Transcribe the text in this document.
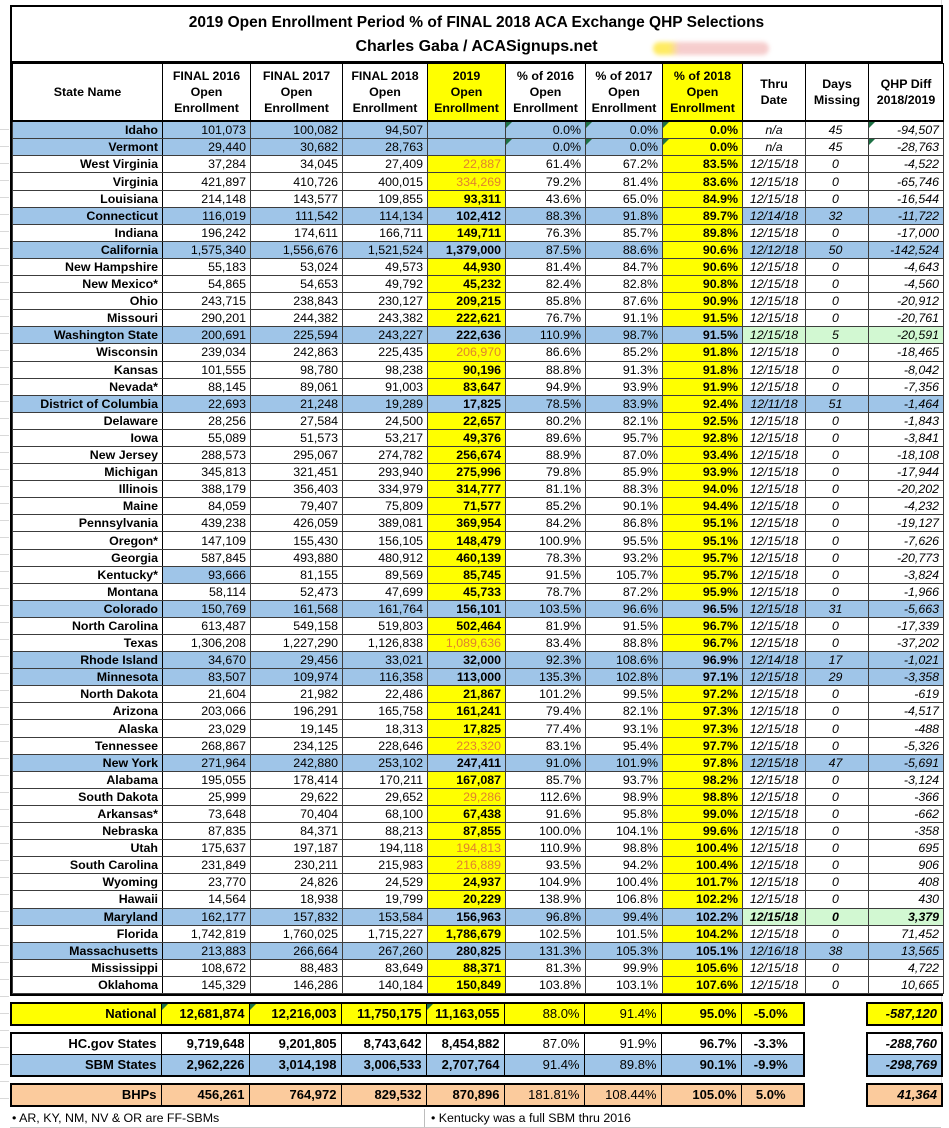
2019 Open Enrollment Period % of FINAL 2018 ACA Exchange QHP Selections
Charles Gaba / ACASignups.net
State Name

FINAL 2016
Open
Enrollment

FINAL 2017
Open
Enrollment

FINAL 2018
Open
Enrollment

2019
Open
Enrollment

% of 2016
Open
Enrollment

% of 2017
Open
Enrollment

% of 2018
Open
Enrollment

Thru
Date

Days
Missing

QHP Diff
2018/2019

Idaho	101,073	100,082	94,507		0.0%	0.0%	0.0%	n/a	45	-94,507
Vermont	29,440	30,682	28,763		0.0%	0.0%	0.0%	n/a	45	-28,763
West Virginia	37,284	34,045	27,409	22,887	61.4%	67.2%	83.5%	12/15/18	0	-4,522
Virginia	421,897	410,726	400,015	334,269	79.2%	81.4%	83.6%	12/15/18	0	-65,746
Louisiana	214,148	143,577	109,855	93,311	43.6%	65.0%	84.9%	12/15/18	0	-16,544
Connecticut	116,019	111,542	114,134	102,412	88.3%	91.8%	89.7%	12/14/18	32	-11,722
Indiana	196,242	174,611	166,711	149,711	76.3%	85.7%	89.8%	12/15/18	0	-17,000
California	1,575,340	1,556,676	1,521,524	1,379,000	87.5%	88.6%	90.6%	12/12/18	50	-142,524
New Hampshire	55,183	53,024	49,573	44,930	81.4%	84.7%	90.6%	12/15/18	0	-4,643
New Mexico*	54,865	54,653	49,792	45,232	82.4%	82.8%	90.8%	12/15/18	0	-4,560
Ohio	243,715	238,843	230,127	209,215	85.8%	87.6%	90.9%	12/15/18	0	-20,912
Missouri	290,201	244,382	243,382	222,621	76.7%	91.1%	91.5%	12/15/18	0	-20,761
Washington State	200,691	225,594	243,227	222,636	110.9%	98.7%	91.5%	12/15/18	5	-20,591
Wisconsin	239,034	242,863	225,435	206,970	86.6%	85.2%	91.8%	12/15/18	0	-18,465
Kansas	101,555	98,780	98,238	90,196	88.8%	91.3%	91.8%	12/15/18	0	-8,042
Nevada*	88,145	89,061	91,003	83,647	94.9%	93.9%	91.9%	12/15/18	0	-7,356
District of Columbia	22,693	21,248	19,289	17,825	78.5%	83.9%	92.4%	12/11/18	51	-1,464
Delaware	28,256	27,584	24,500	22,657	80.2%	82.1%	92.5%	12/15/18	0	-1,843
Iowa	55,089	51,573	53,217	49,376	89.6%	95.7%	92.8%	12/15/18	0	-3,841
New Jersey	288,573	295,067	274,782	256,674	88.9%	87.0%	93.4%	12/15/18	0	-18,108
Michigan	345,813	321,451	293,940	275,996	79.8%	85.9%	93.9%	12/15/18	0	-17,944
Illinois	388,179	356,403	334,979	314,777	81.1%	88.3%	94.0%	12/15/18	0	-20,202
Maine	84,059	79,407	75,809	71,577	85.2%	90.1%	94.4%	12/15/18	0	-4,232
Pennsylvania	439,238	426,059	389,081	369,954	84.2%	86.8%	95.1%	12/15/18	0	-19,127
Oregon*	147,109	155,430	156,105	148,479	100.9%	95.5%	95.1%	12/15/18	0	-7,626
Georgia	587,845	493,880	480,912	460,139	78.3%	93.2%	95.7%	12/15/18	0	-20,773
Kentucky*	93,666	81,155	89,569	85,745	91.5%	105.7%	95.7%	12/15/18	0	-3,824
Montana	58,114	52,473	47,699	45,733	78.7%	87.2%	95.9%	12/15/18	0	-1,966
Colorado	150,769	161,568	161,764	156,101	103.5%	96.6%	96.5%	12/15/18	31	-5,663
North Carolina	613,487	549,158	519,803	502,464	81.9%	91.5%	96.7%	12/15/18	0	-17,339
Texas	1,306,208	1,227,290	1,126,838	1,089,636	83.4%	88.8%	96.7%	12/15/18	0	-37,202
Rhode Island	34,670	29,456	33,021	32,000	92.3%	108.6%	96.9%	12/14/18	17	-1,021
Minnesota	83,507	109,974	116,358	113,000	135.3%	102.8%	97.1%	12/15/18	29	-3,358
North Dakota	21,604	21,982	22,486	21,867	101.2%	99.5%	97.2%	12/15/18	0	-619
Arizona	203,066	196,291	165,758	161,241	79.4%	82.1%	97.3%	12/15/18	0	-4,517
Alaska	23,029	19,145	18,313	17,825	77.4%	93.1%	97.3%	12/15/18	0	-488
Tennessee	268,867	234,125	228,646	223,320	83.1%	95.4%	97.7%	12/15/18	0	-5,326
New York	271,964	242,880	253,102	247,411	91.0%	101.9%	97.8%	12/15/18	47	-5,691
Alabama	195,055	178,414	170,211	167,087	85.7%	93.7%	98.2%	12/15/18	0	-3,124
South Dakota	25,999	29,622	29,652	29,286	112.6%	98.9%	98.8%	12/15/18	0	-366
Arkansas*	73,648	70,404	68,100	67,438	91.6%	95.8%	99.0%	12/15/18	0	-662
Nebraska	87,835	84,371	88,213	87,855	100.0%	104.1%	99.6%	12/15/18	0	-358
Utah	175,637	197,187	194,118	194,813	110.9%	98.8%	100.4%	12/15/18	0	695
South Carolina	231,849	230,211	215,983	216,889	93.5%	94.2%	100.4%	12/15/18	0	906
Wyoming	23,770	24,826	24,529	24,937	104.9%	100.4%	101.7%	12/15/18	0	408
Hawaii	14,564	18,938	19,799	20,229	138.9%	106.8%	102.2%	12/15/18	0	430
Maryland	162,177	157,832	153,584	156,963	96.8%	99.4%	102.2%	12/15/18	0	3,379
Florida	1,742,819	1,760,025	1,715,227	1,786,679	102.5%	101.5%	104.2%	12/15/18	0	71,452
Massachusetts	213,883	266,664	267,260	280,825	131.3%	105.3%	105.1%	12/16/18	38	13,565
Mississippi	108,672	88,483	83,649	88,371	81.3%	99.9%	105.6%	12/15/18	0	4,722
Oklahoma	145,329	146,286	140,184	150,849	103.8%	103.1%	107.6%	12/15/18	0	10,665
National	12,681,874	12,216,003	11,750,175	11,163,055	88.0%	91.4%	95.0%	-5.0%		-587,120
HC.gov States	9,719,648	9,201,805	8,743,642	8,454,882	87.0%	91.9%	96.7%	-3.3%		-288,760
SBM States	2,962,226	3,014,198	3,006,533	2,707,764	91.4%	89.8%	90.1%	-9.9%		-298,769
BHPs	456,261	764,972	829,532	870,896	181.81%	108.44%	105.0%	5.0%		41,364
• AR, KY, NM, NV & OR are FF-SBMs	• Kentucky was a full SBM thru 2016
